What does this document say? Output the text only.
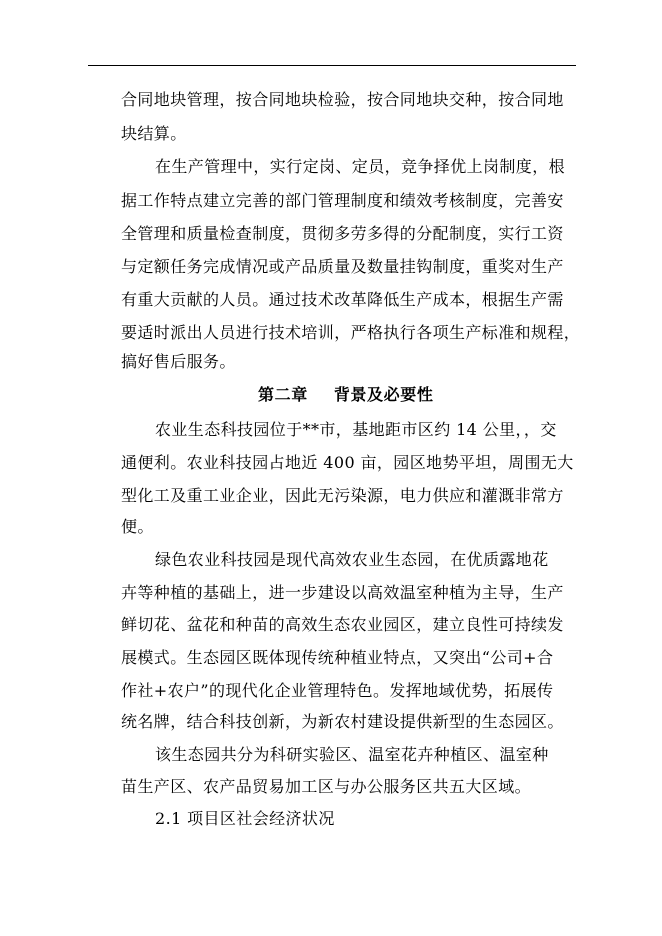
合同地块管理，按合同地块检验，按合同地块交种，按合同地
块结算。
在生产管理中，实行定岗、定员，竞争择优上岗制度，根
据工作特点建立完善的部门管理制度和绩效考核制度，完善安
全管理和质量检查制度，贯彻多劳多得的分配制度，实行工资
与定额任务完成情况或产品质量及数量挂钩制度，重奖对生产
有重大贡献的人员。通过技术改革降低生产成本，根据生产需
要适时派出人员进行技术培训，严格执行各项生产标准和规程，
搞好售后服务。
第二章 背景及必要性
农业生态科技园位于**市，基地距市区约 14 公里，，交
通便利。农业科技园占地近 400 亩，园区地势平坦，周围无大
型化工及重工业企业，因此无污染源，电力供应和灌溉非常方
便。
绿色农业科技园是现代高效农业生态园，在优质露地花
卉等种植的基础上，进一步建设以高效温室种植为主导，生产
鲜切花、盆花和种苗的高效生态农业园区，建立良性可持续发
展模式。生态园区既体现传统种植业特点，又突出“公司+合
作社+农户”的现代化企业管理特色。发挥地域优势，拓展传
统名牌，结合科技创新，为新农村建设提供新型的生态园区。
该生态园共分为科研实验区、温室花卉种植区、温室种
苗生产区、农产品贸易加工区与办公服务区共五大区域。
2.1 项目区社会经济状况
